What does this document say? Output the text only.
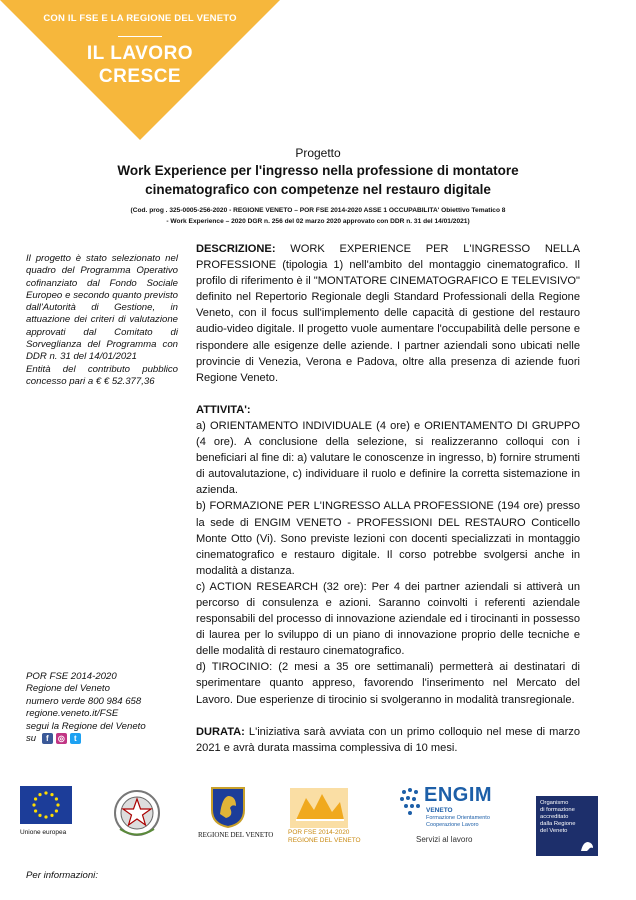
CON IL FSE E LA REGIONE DEL VENETO
IL LAVORO
CRESCE
Progetto
Work Experience per l'ingresso nella professione di montatore
cinematografico con competenze nel restauro digitale
(Cod. prog . 325-0005-256-2020 - REGIONE VENETO – POR FSE 2014-2020 ASSE 1 OCCUPABILITA' Obiettivo Tematico 8
- Work Experience – 2020 DGR n. 256 del 02 marzo 2020 approvato con DDR n. 31 del 14/01/2021)

Il progetto è stato selezionato nel quadro del Programma Operativo cofinanziato dal Fondo Sociale Europeo e secondo quanto previsto dall'Autorità di Gestione, in attuazione dei criteri di valutazione approvati dal Comitato di Sorveglianza del Programma con DDR n. 31 del 14/01/2021

Entità del contributo pubblico concesso pari a € € 52.377,36

POR FSE 2014-2020
Regione del Veneto
numero verde 800 984 658
regione.veneto.it/FSE
segui la Regione del Veneto
su	f	◎	t

DESCRIZIONE: WORK EXPERIENCE PER L'INGRESSO NELLA PROFESSIONE (tipologia 1) nell'ambito del montaggio cinematografico. Il profilo di riferimento è il "MONTATORE CINEMATOGRAFICO E TELEVISIVO" definito nel Repertorio Regionale degli Standard Professionali della Regione Veneto, con il focus sull'implemento delle capacità di gestione del restauro audio-video digitale. Il progetto vuole aumentare l'occupabilità delle persone e rispondere alle esigenze delle aziende. I partner aziendali sono ubicati nelle provincie di Venezia, Verona e Padova, oltre alla presenza di aziende fuori Regione Veneto.

ATTIVITA':

a) ORIENTAMENTO INDIVIDUALE (4 ore) e ORIENTAMENTO DI GRUPPO (4 ore). A conclusione della selezione, si realizzeranno colloqui con i beneficiari al fine di: a) valutare le conoscenze in ingresso, b) fornire strumenti di autovalutazione, c) individuare il ruolo e definire la corretta sistemazione in azienda.

b) FORMAZIONE PER L'INGRESSO ALLA PROFESSIONE (194 ore) presso la sede di ENGIM VENETO - PROFESSIONI DEL RESTAURO Conticello Monte Otto (Vi). Sono previste lezioni con docenti specializzati in montaggio cinematografico e restauro digitale. Il corso potrebbe svolgersi anche in modalità a distanza.

c) ACTION RESEARCH (32 ore): Per 4 dei partner aziendali si attiverà un percorso di consulenza e azioni. Saranno coinvolti i referenti aziendale responsabili del processo di innovazione aziendale ed i tirocinanti in possesso di laurea per lo sviluppo di un piano di innovazione proprio delle tecniche e delle modalità di restauro cinematografico.

d) TIROCINIO: (2 mesi a 35 ore settimanali) permetterà ai destinatari di sperimentare quanto appreso, favorendo l'inserimento nel Mercato del Lavoro. Due esperienze di tirocinio si svolgeranno in modalità transregionale.

DURATA: L'iniziativa sarà avviata con un primo colloquio nel mese di marzo 2021 e avrà durata massima complessiva di 10 mesi.

Unione europea	REGIONE DEL VENETO POR FSE 2014-2020
REGIONE DEL VENETO
ENGIM
VENETO
Formazione Orientamento
Cooperazione Lavoro
Servizi al lavoro
Organismo
di formazione
accreditato
dalla Regione
del Veneto
Per informazioni:
